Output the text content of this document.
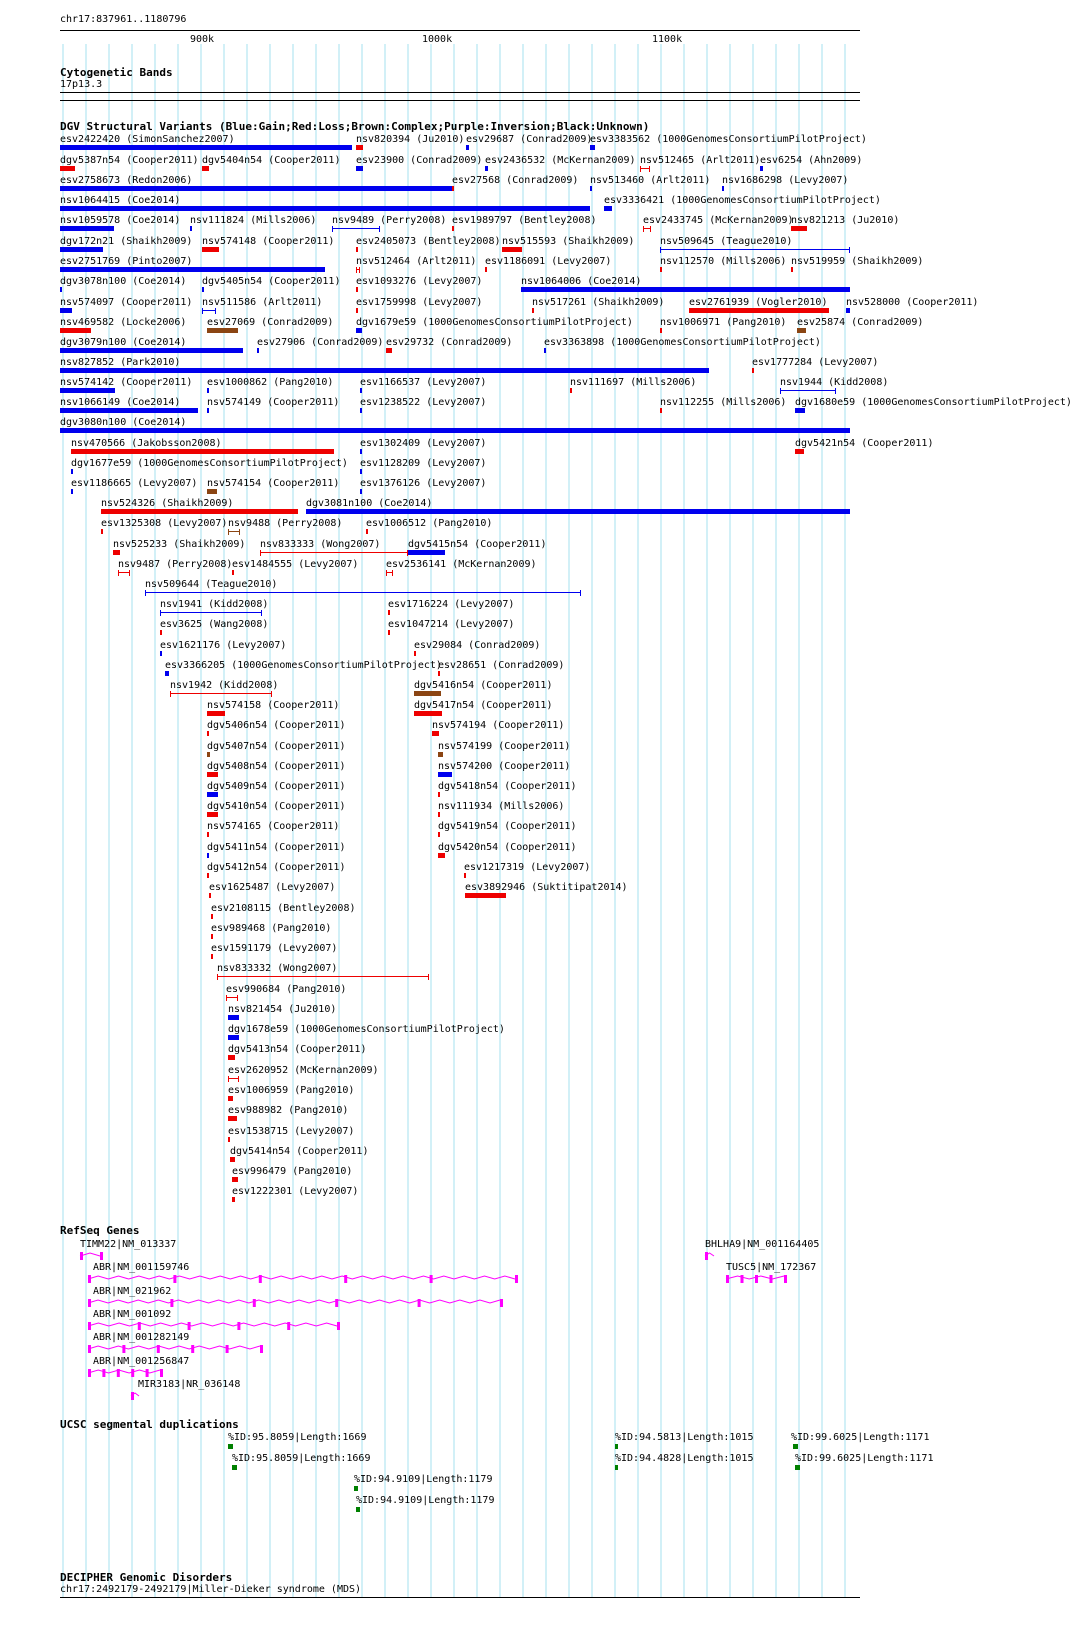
chr17:837961..1180796
900k	1000k	1100k
Cytogenetic Bands
17p13.3
DGV Structural Variants (Blue:Gain;Red:Loss;Brown:Complex;Purple:Inversion;Black:Unknown)
esv2422420 (SimonSanchez2007)	nsv820394 (Ju2010) esv29687 (Conrad2009)
esv3383562 (1000GenomesConsortiumPilotProject)
dgv5387n54 (Cooper2011) dgv5404n54 (Cooper2011) esv23900 (Conrad2009) esv2436532 (McKernan2009) nsv512465 (Arlt2011) esv6254 (Ahn2009)
esv2758673 (Redon2006)	esv27568 (Conrad2009) nsv513460 (Arlt2011) nsv1686298 (Levy2007)
nsv1064415 (Coe2014)	esv3336421 (1000GenomesConsortiumPilotProject)
nsv1059578 (Coe2014) nsv111824 (Mills2006) nsv9489 (Perry2008) esv1989797 (Bentley2008)	esv2433745 (McKernan2009)
nsv821213 (Ju2010)
dgv172n21 (Shaikh2009) nsv574148 (Cooper2011) esv2405073 (Bentley2008) nsv515593 (Shaikh2009)	nsv509645 (Teague2010)
esv2751769 (Pinto2007)	nsv512464 (Arlt2011) esv1186091 (Levy2007)	nsv112570 (Mills2006) nsv519959 (Shaikh2009)
dgv3078n100 (Coe2014) dgv5405n54 (Cooper2011) esv1093276 (Levy2007)	nsv1064006 (Coe2014)
nsv574097 (Cooper2011) nsv511586 (Arlt2011)	esv1759998 (Levy2007)	nsv517261 (Shaikh2009) esv2761939 (Vogler2010) nsv528000 (Cooper2011)
nsv469582 (Locke2006) esv27069 (Conrad2009) dgv1679e59 (1000GenomesConsortiumPilotProject)	nsv1006971 (Pang2010) esv25874 (Conrad2009)
dgv3079n100 (Coe2014)	esv27906 (Conrad2009) esv29732 (Conrad2009)	esv3363898 (1000GenomesConsortiumPilotProject)
nsv827852 (Park2010)	esv1777284 (Levy2007)
nsv574142 (Cooper2011) esv1000862 (Pang2010)	esv1166537 (Levy2007)	nsv111697 (Mills2006)	nsv1944 (Kidd2008)
nsv1066149 (Coe2014)	nsv574149 (Cooper2011) esv1238522 (Levy2007)	nsv112255 (Mills2006) dgv1680e59 (1000GenomesConsortiumPilotProject)
dgv3080n100 (Coe2014)
nsv470566 (Jakobsson2008)	esv1302409 (Levy2007)	dgv5421n54 (Cooper2011)
dgv1677e59 (1000GenomesConsortiumPilotProject) esv1128209 (Levy2007)
esv1186665 (Levy2007) nsv574154 (Cooper2011) esv1376126 (Levy2007)
nsv524326 (Shaikh2009)	dgv3081n100 (Coe2014)
esv1325308 (Levy2007) nsv9488 (Perry2008) esv1006512 (Pang2010)
nsv525233 (Shaikh2009) nsv833333 (Wong2007)	dgv5415n54 (Cooper2011)
nsv9487 (Perry2008) esv1484555 (Levy2007)	esv2536141 (McKernan2009)
nsv509644 (Teague2010)
nsv1941 (Kidd2008)	esv1716224 (Levy2007)
esv3625 (Wang2008)	esv1047214 (Levy2007)
esv1621176 (Levy2007)	esv29084 (Conrad2009)
esv3366205 (1000GenomesConsortiumPilotProject)
esv28651 (Conrad2009)
nsv1942 (Kidd2008)	dgv5416n54 (Cooper2011)
nsv574158 (Cooper2011)	dgv5417n54 (Cooper2011)
dgv5406n54 (Cooper2011)	nsv574194 (Cooper2011)
dgv5407n54 (Cooper2011)	nsv574199 (Cooper2011)
dgv5408n54 (Cooper2011)	nsv574200 (Cooper2011)
dgv5409n54 (Cooper2011)	dgv5418n54 (Cooper2011)
dgv5410n54 (Cooper2011)	nsv111934 (Mills2006)
nsv574165 (Cooper2011)	dgv5419n54 (Cooper2011)
dgv5411n54 (Cooper2011)	dgv5420n54 (Cooper2011)
dgv5412n54 (Cooper2011)	esv1217319 (Levy2007)
esv1625487 (Levy2007)	esv3892946 (Suktitipat2014)
esv2108115 (Bentley2008)
esv989468 (Pang2010)
esv1591179 (Levy2007)
nsv833332 (Wong2007)
esv990684 (Pang2010)
nsv821454 (Ju2010)
dgv1678e59 (1000GenomesConsortiumPilotProject)
dgv5413n54 (Cooper2011)
esv2620952 (McKernan2009)
esv1006959 (Pang2010)
esv988982 (Pang2010)
esv1538715 (Levy2007)
dgv5414n54 (Cooper2011)
esv996479 (Pang2010)
esv1222301 (Levy2007)
RefSeq Genes
TIMM22|NM_013337	BHLHA9|NM_001164405
ABR|NM_001159746	TUSC5|NM_172367
ABR|NM_021962
ABR|NM_001092
ABR|NM_001282149
ABR|NM_001256847
MIR3183|NR_036148
UCSC segmental duplications
%ID:95.8059|Length:1669	%ID:94.5813|Length:1015	%ID:99.6025|Length:1171
%ID:95.8059|Length:1669	%ID:94.4828|Length:1015	%ID:99.6025|Length:1171
%ID:94.9109|Length:1179
%ID:94.9109|Length:1179
DECIPHER Genomic Disorders
chr17:2492179-2492179|Miller-Dieker syndrome (MDS)
